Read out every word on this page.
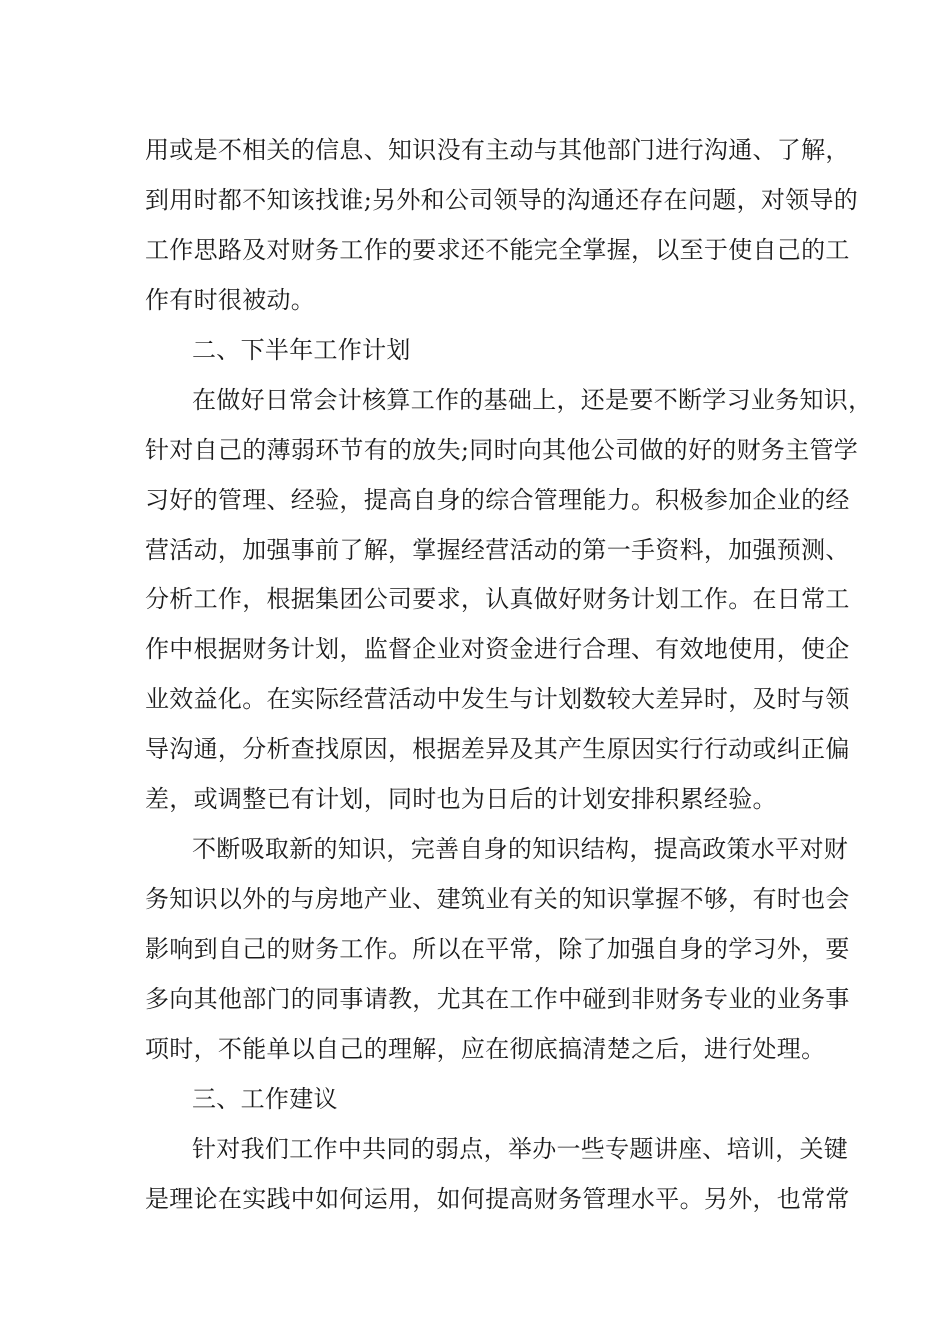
用或是不相关的信息、知识没有主动与其他部门进行沟通、了解，
到用时都不知该找谁;另外和公司领导的沟通还存在问题，对领导的
工作思路及对财务工作的要求还不能完全掌握，以至于使自己的工
作有时很被动。
二、下半年工作计划
在做好日常会计核算工作的基础上，还是要不断学习业务知识，
针对自己的薄弱环节有的放失;同时向其他公司做的好的财务主管学
习好的管理、经验，提高自身的综合管理能力。积极参加企业的经
营活动，加强事前了解，掌握经营活动的第一手资料，加强预测、
分析工作，根据集团公司要求，认真做好财务计划工作。在日常工
作中根据财务计划，监督企业对资金进行合理、有效地使用，使企
业效益化。在实际经营活动中发生与计划数较大差异时，及时与领
导沟通，分析查找原因，根据差异及其产生原因实行行动或纠正偏
差，或调整已有计划，同时也为日后的计划安排积累经验。
不断吸取新的知识，完善自身的知识结构，提高政策水平对财
务知识以外的与房地产业、建筑业有关的知识掌握不够，有时也会
影响到自己的财务工作。所以在平常，除了加强自身的学习外，要
多向其他部门的同事请教，尤其在工作中碰到非财务专业的业务事
项时，不能单以自己的理解，应在彻底搞清楚之后，进行处理。
三、工作建议
针对我们工作中共同的弱点，举办一些专题讲座、培训，关键
是理论在实践中如何运用，如何提高财务管理水平。另外，也常常
